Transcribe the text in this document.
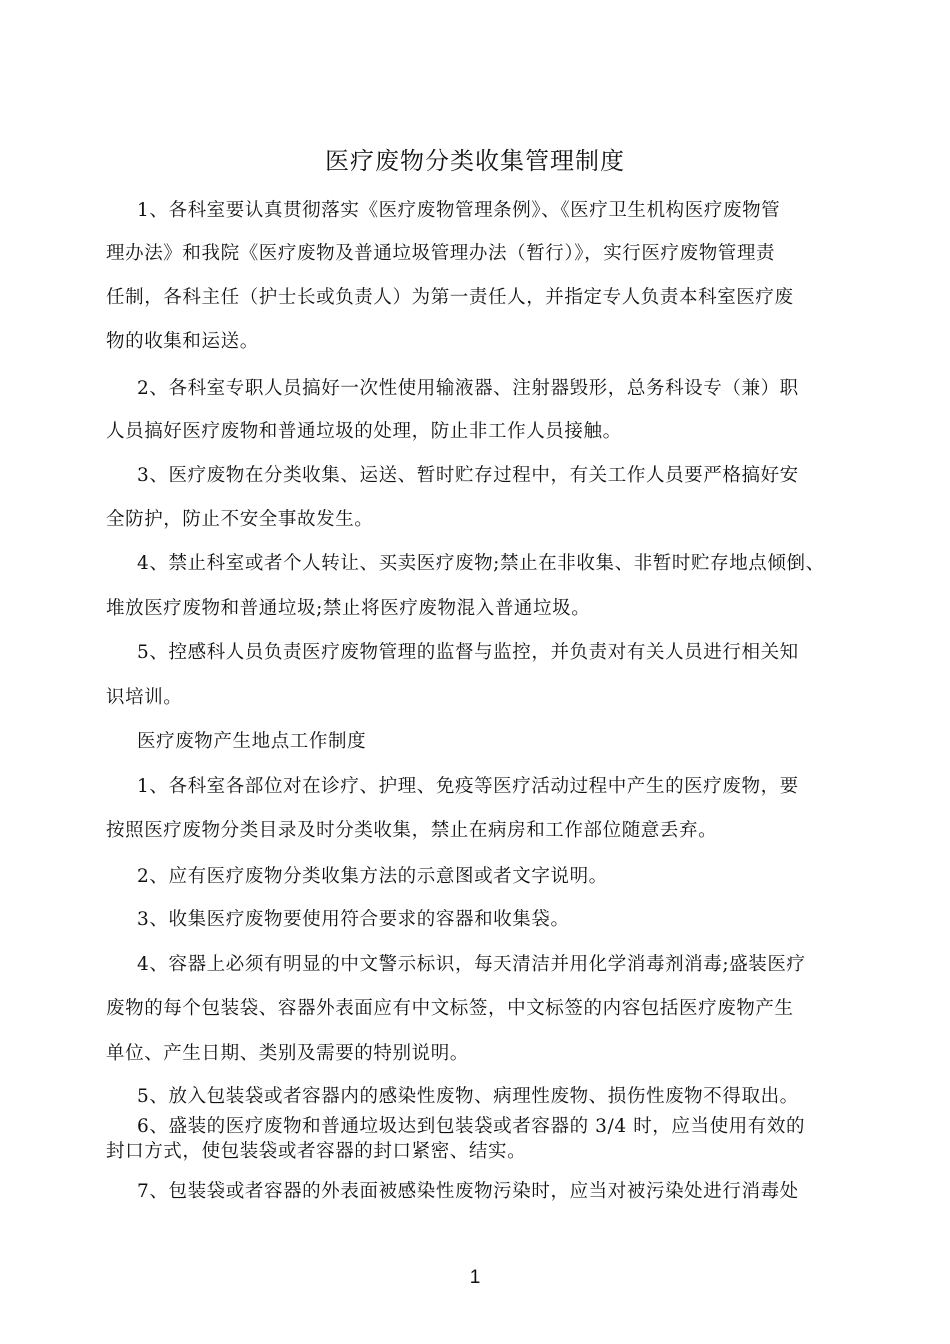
医疗废物分类收集管理制度
1、各科室要认真贯彻落实《医疗废物管理条例》、《医疗卫生机构医疗废物管
理办法》和我院《医疗废物及普通垃圾管理办法（暂行）》，实行医疗废物管理责
任制，各科主任（护士长或负责人）为第一责任人，并指定专人负责本科室医疗废
物的收集和运送。
2、各科室专职人员搞好一次性使用输液器、注射器毁形，总务科设专（兼）职
人员搞好医疗废物和普通垃圾的处理，防止非工作人员接触。
3、医疗废物在分类收集、运送、暂时贮存过程中，有关工作人员要严格搞好安
全防护，防止不安全事故发生。
4、禁止科室或者个人转让、买卖医疗废物;禁止在非收集、非暂时贮存地点倾倒、
堆放医疗废物和普通垃圾;禁止将医疗废物混入普通垃圾。
5、控感科人员负责医疗废物管理的监督与监控，并负责对有关人员进行相关知
识培训。
医疗废物产生地点工作制度
1、各科室各部位对在诊疗、护理、免疫等医疗活动过程中产生的医疗废物，要
按照医疗废物分类目录及时分类收集，禁止在病房和工作部位随意丢弃。
2、应有医疗废物分类收集方法的示意图或者文字说明。
3、收集医疗废物要使用符合要求的容器和收集袋。
4、容器上必须有明显的中文警示标识，每天清洁并用化学消毒剂消毒;盛装医疗
废物的每个包装袋、容器外表面应有中文标签，中文标签的内容包括医疗废物产生
单位、产生日期、类别及需要的特别说明。
5、放入包装袋或者容器内的感染性废物、病理性废物、损伤性废物不得取出。
6、盛装的医疗废物和普通垃圾达到包装袋或者容器的 3/4 时，应当使用有效的
封口方式，使包装袋或者容器的封口紧密、结实。
7、包装袋或者容器的外表面被感染性废物污染时，应当对被污染处进行消毒处
1
